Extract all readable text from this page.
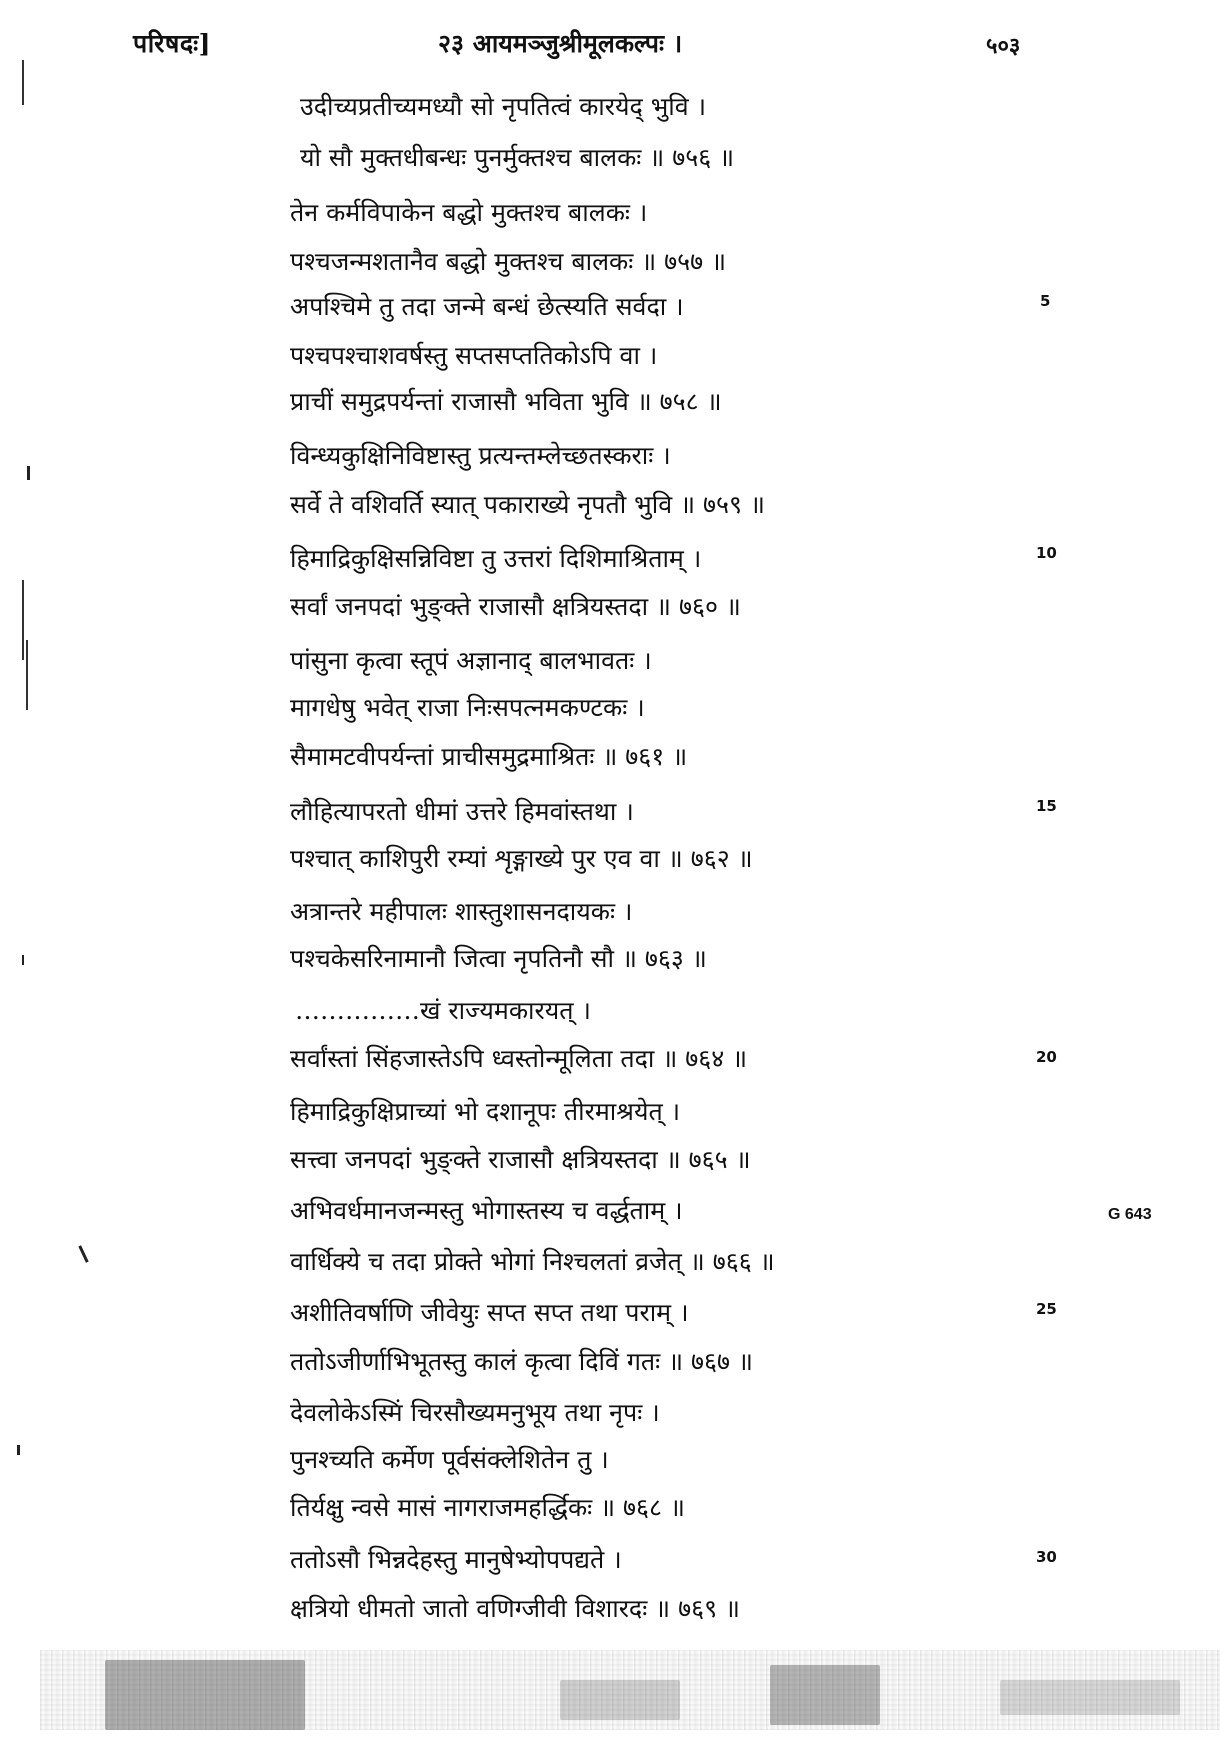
परिषदः]	२३ आयमञ्जुश्रीमूलकल्पः ।	५०३
उदीच्यप्रतीच्यमध्यौ सो नृपतित्वं कारयेद् भुवि ।
यो सौ मुक्तधीबन्धः पुनर्मुक्तश्च बालकः ॥ ७५६ ॥
तेन कर्मविपाकेन बद्धो मुक्तश्च बालकः ।
पश्चजन्मशतानैव बद्धो मुक्तश्च बालकः ॥ ७५७ ॥
अपश्चिमे तु तदा जन्मे बन्धं छेत्स्यति सर्वदा ।
पश्चपश्चाशवर्षस्तु सप्तसप्ततिकोऽपि वा ।
प्राचीं समुद्रपर्यन्तां राजासौ भविता भुवि ॥ ७५८ ॥
विन्ध्यकुक्षिनिविष्टास्तु प्रत्यन्तम्लेच्छतस्कराः ।
सर्वे ते वशिवर्ति स्यात् पकाराख्ये नृपतौ भुवि ॥ ७५९ ॥
हिमाद्रिकुक्षिसन्निविष्टा तु उत्तरां दिशिमाश्रिताम् ।
सर्वां जनपदां भुङ्क्ते राजासौ क्षत्रियस्तदा ॥ ७६० ॥
पांसुना कृत्वा स्तूपं अज्ञानाद् बालभावतः ।
मागधेषु भवेत् राजा निःसपत्नमकण्टकः ।
सैमामटवीपर्यन्तां प्राचीसमुद्रमाश्रितः ॥ ७६१ ॥
लौहित्यापरतो धीमां उत्तरे हिमवांस्तथा ।
पश्चात् काशिपुरी रम्यां शृङ्गाख्ये पुर एव वा ॥ ७६२ ॥
अत्रान्तरे महीपालः शास्तुशासनदायकः ।
पश्चकेसरिनामानौ जित्वा नृपतिनौ सौ ॥ ७६३ ॥
……………खं राज्यमकारयत् ।
सर्वांस्तां सिंहजास्तेऽपि ध्वस्तोन्मूलिता तदा ॥ ७६४ ॥
हिमाद्रिकुक्षिप्राच्यां भो दशानूपः तीरमाश्रयेत् ।
सत्त्वा जनपदां भुङ्क्ते राजासौ क्षत्रियस्तदा ॥ ७६५ ॥
अभिवर्धमानजन्मस्तु भोगास्तस्य च वर्द्धताम् ।
वार्धिक्ये च तदा प्रोक्ते भोगां निश्चलतां व्रजेत् ॥ ७६६ ॥
अशीतिवर्षाणि जीवेयुः सप्त सप्त तथा पराम् ।
ततोऽजीर्णाभिभूतस्तु कालं कृत्वा दिविं गतः ॥ ७६७ ॥
देवलोकेऽस्मिं चिरसौख्यमनुभूय तथा नृपः ।
पुनश्च्यति कर्मेण पूर्वसंक्लेशितेन तु ।
तिर्यक्षु न्वसे मासं नागराजमहर्द्धिकः ॥ ७६८ ॥
ततोऽसौ भिन्नदेहस्तु मानुषेभ्योपपद्यते ।
क्षत्रियो धीमतो जातो वणिग्जीवी विशारदः ॥ ७६९ ॥
5
10
15
20
25
30
G 643
